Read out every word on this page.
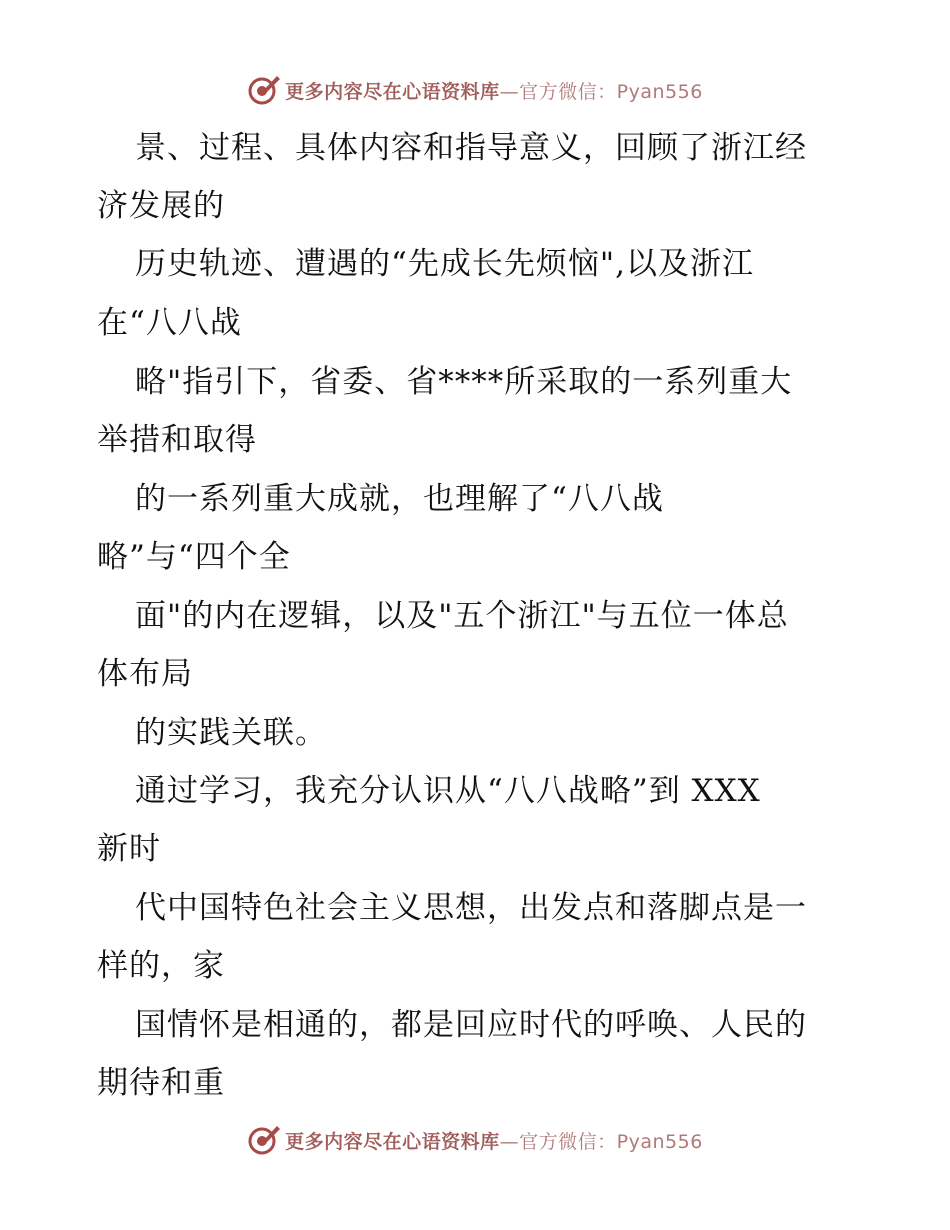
更多内容尽在心语资料库—官方微信：Pyan556
景、过程、具体内容和指导意义，回顾了浙江经
济发展的
历史轨迹、遭遇的“先成长先烦恼",以及浙江
在“八八战
略"指引下，省委、省****所采取的一系列重大
举措和取得
的一系列重大成就，也理解了“八八战
略”与“四个全
面"的内在逻辑，以及"五个浙江"与五位一体总
体布局
的实践关联。
通过学习，我充分认识从“八八战略”到 XXX
新时
代中国特色社会主义思想，出发点和落脚点是一
样的，家
国情怀是相通的，都是回应时代的呼唤、人民的
期待和重
更多内容尽在心语资料库—官方微信：Pyan556
